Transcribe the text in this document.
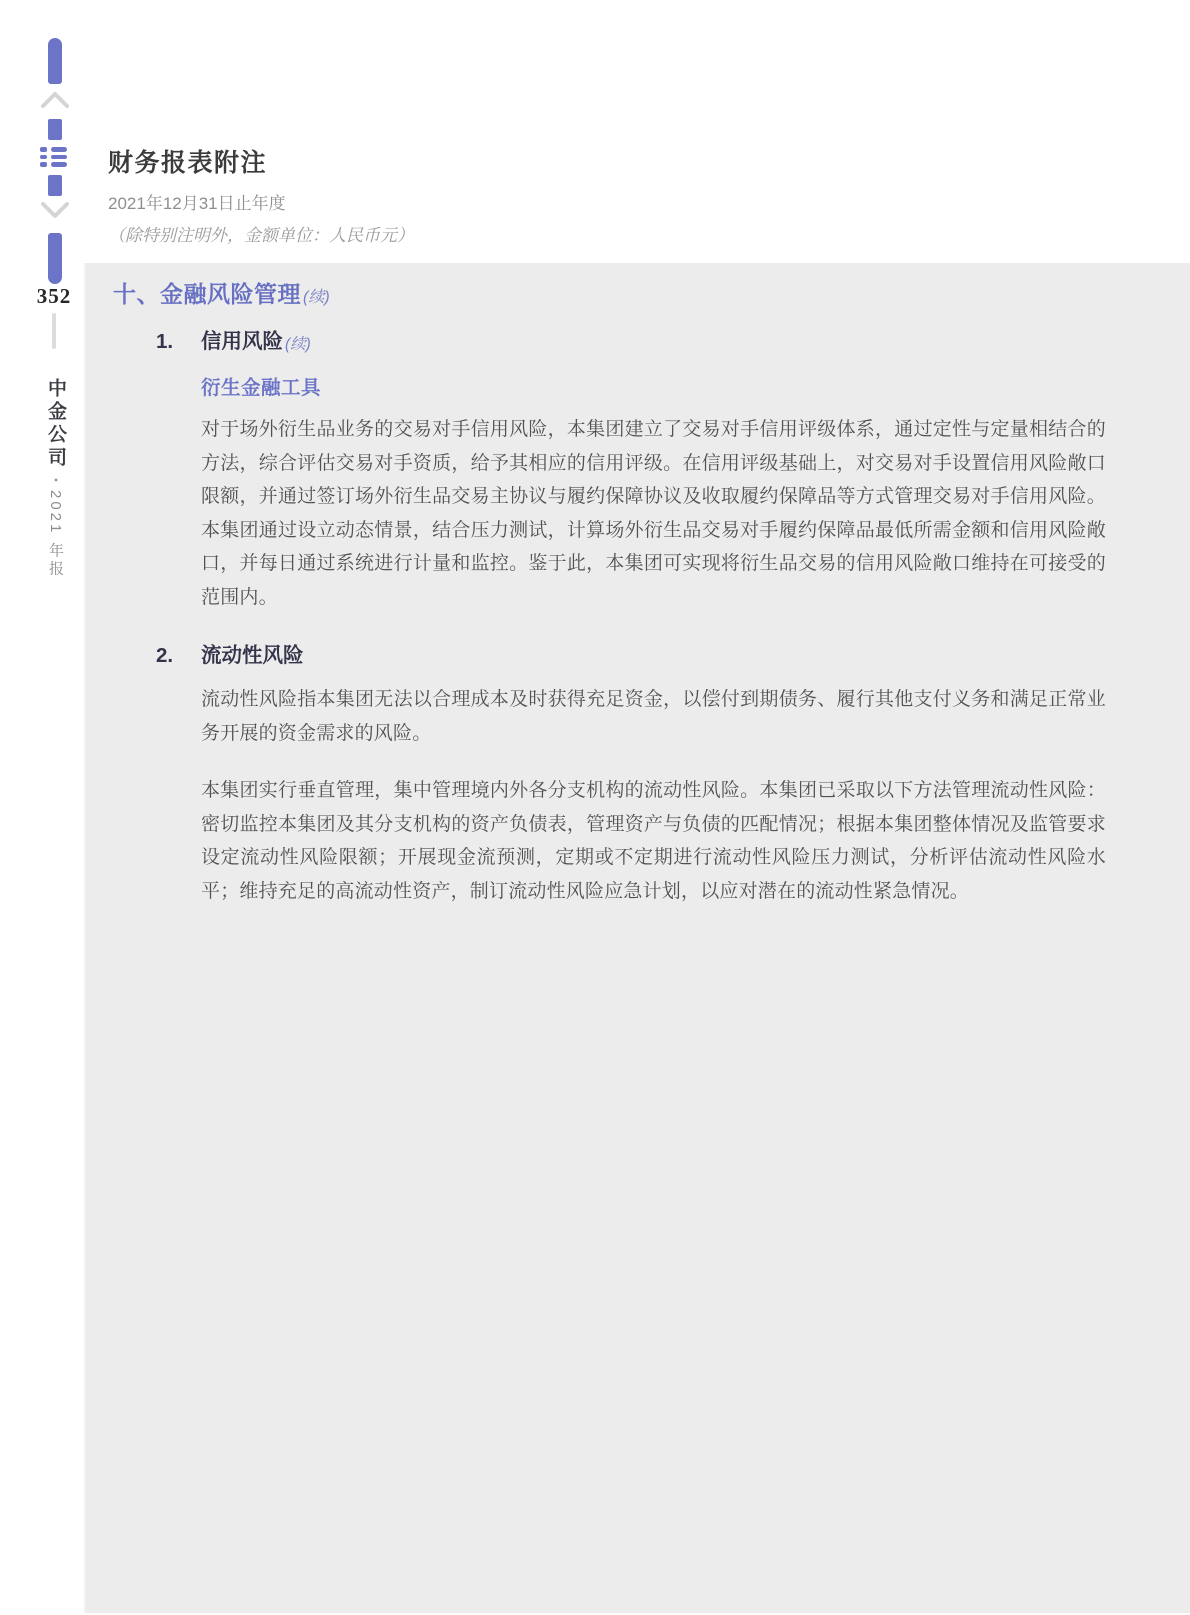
352
中金公司
•
2021 年报
财务报表附注

2021年12月31日止年度

（除特别注明外，金额单位：人民币元）

十、金融风险管理 (续)
1.	信用风险 (续)
衍生金融工具

对于场外衍生品业务的交易对手信用风险，本集团建立了交易对手信用评级体系，通过定性与定量相结合的方法，综合评估交易对手资质，给予其相应的信用评级。在信用评级基础上，对交易对手设置信用风险敞口限额，并通过签订场外衍生品交易主协议与履约保障协议及收取履约保障品等方式管理交易对手信用风险。本集团通过设立动态情景，结合压力测试，计算场外衍生品交易对手履约保障品最低所需金额和信用风险敞口，并每日通过系统进行计量和监控。鉴于此，本集团可实现将衍生品交易的信用风险敞口维持在可接受的范围内。

2.	流动性风险

流动性风险指本集团无法以合理成本及时获得充足资金，以偿付到期债务、履行其他支付义务和满足正常业务开展的资金需求的风险。

本集团实行垂直管理，集中管理境内外各分支机构的流动性风险。本集团已采取以下方法管理流动性风险：密切监控本集团及其分支机构的资产负债表，管理资产与负债的匹配情况；根据本集团整体情况及监管要求设定流动性风险限额；开展现金流预测，定期或不定期进行流动性风险压力测试，分析评估流动性风险水平；维持充足的高流动性资产，制订流动性风险应急计划，以应对潜在的流动性紧急情况。
